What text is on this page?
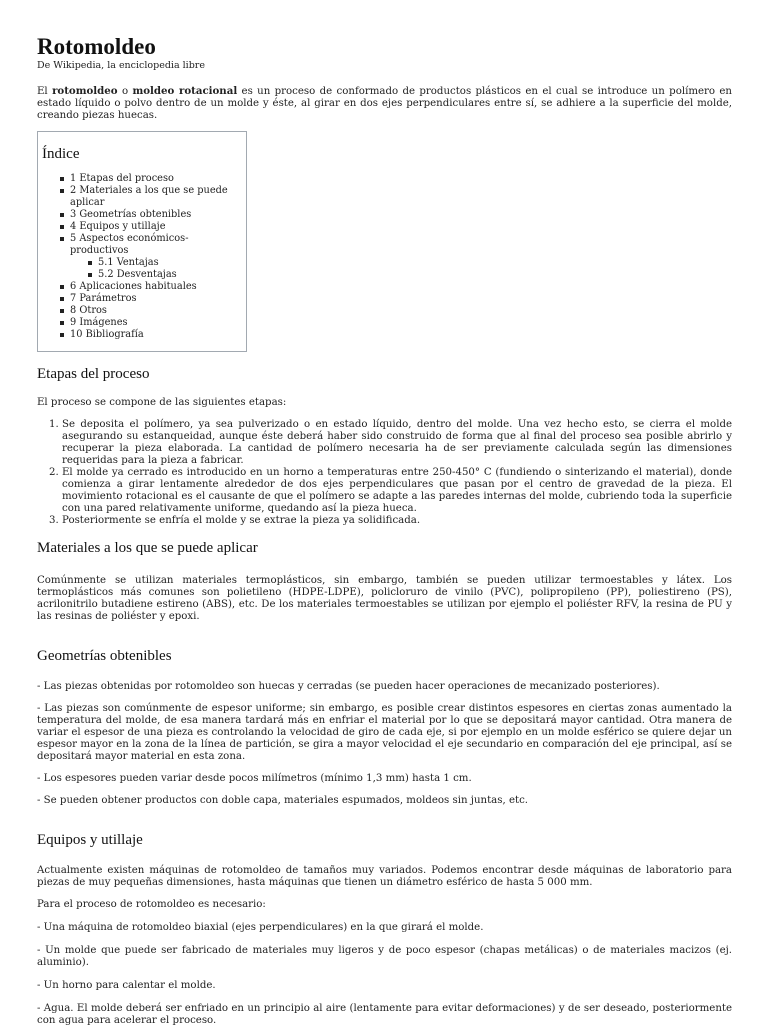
Rotomoldeo

De Wikipedia, la enciclopedia libre

El rotomoldeo o moldeo rotacional es un proceso de conformado de productos plásticos en el cual se introduce un polímero en estado líquido o polvo dentro de un molde y éste, al girar en dos ejes perpendiculares entre sí, se adhiere a la superficie del molde, creando piezas huecas.

Índice
1 Etapas del proceso
2 Materiales a los que se puede aplicar
3 Geometrías obtenibles
4 Equipos y utillaje
5 Aspectos económicos-productivos
5.1 Ventajas
5.2 Desventajas
6 Aplicaciones habituales
7 Parámetros
8 Otros
9 Imágenes
10 Bibliografía
Etapas del proceso

El proceso se compone de las siguientes etapas:

1. Se deposita el polímero, ya sea pulverizado o en estado líquido, dentro del molde. Una vez hecho esto, se cierra el molde asegurando su estanqueidad, aunque éste deberá haber sido construido de forma que al final del proceso sea posible abrirlo y recuperar la pieza elaborada. La cantidad de polímero necesaria ha de ser previamente calculada según las dimensiones requeridas para la pieza a fabricar.
2. El molde ya cerrado es introducido en un horno a temperaturas entre 250-450° C (fundiendo o sinterizando el material), donde comienza a girar lentamente alrededor de dos ejes perpendiculares que pasan por el centro de gravedad de la pieza. El movimiento rotacional es el causante de que el polímero se adapte a las paredes internas del molde, cubriendo toda la superficie con una pared relativamente uniforme, quedando así la pieza hueca.
3. Posteriormente se enfría el molde y se extrae la pieza ya solidificada.
Materiales a los que se puede aplicar

Comúnmente se utilizan materiales termoplásticos, sin embargo, también se pueden utilizar termoestables y látex. Los termoplásticos más comunes son polietileno (HDPE-LDPE), policloruro de vinilo (PVC), polipropileno (PP), poliestireno (PS), acrilonitrilo butadiene estireno (ABS), etc. De los materiales termoestables se utilizan por ejemplo el poliéster RFV, la resina de PU y las resinas de poliéster y epoxi.

Geometrías obtenibles

- Las piezas obtenidas por rotomoldeo son huecas y cerradas (se pueden hacer operaciones de mecanizado posteriores).

- Las piezas son comúnmente de espesor uniforme; sin embargo, es posible crear distintos espesores en ciertas zonas aumentado la temperatura del molde, de esa manera tardará más en enfriar el material por lo que se depositará mayor cantidad. Otra manera de variar el espesor de una pieza es controlando la velocidad de giro de cada eje, si por ejemplo en un molde esférico se quiere dejar un espesor mayor en la zona de la línea de partición, se gira a mayor velocidad el eje secundario en comparación del eje principal, así se depositará mayor material en esta zona.

- Los espesores pueden variar desde pocos milímetros (mínimo 1,3 mm) hasta 1 cm.

- Se pueden obtener productos con doble capa, materiales espumados, moldeos sin juntas, etc.

Equipos y utillaje

Actualmente existen máquinas de rotomoldeo de tamaños muy variados. Podemos encontrar desde máquinas de laboratorio para piezas de muy pequeñas dimensiones, hasta máquinas que tienen un diámetro esférico de hasta 5 000 mm.

Para el proceso de rotomoldeo es necesario:

- Una máquina de rotomoldeo biaxial (ejes perpendiculares) en la que girará el molde.

- Un molde que puede ser fabricado de materiales muy ligeros y de poco espesor (chapas metálicas) o de materiales macizos (ej. aluminio).

- Un horno para calentar el molde.

- Agua. El molde deberá ser enfriado en un principio al aire (lentamente para evitar deformaciones) y de ser deseado, posteriormente con agua para acelerar el proceso.
